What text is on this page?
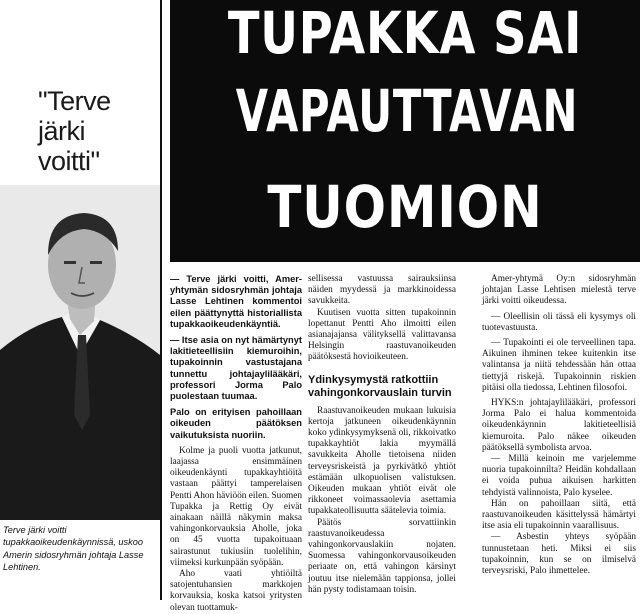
"Terve
järki
voitti"
Terve järki voitti tupakkaoikeudenkäynnissä, uskoo Amerin sidosryhmän johtaja Lasse Lehtinen.
TUPAKKA SAI
VAPAUTTAVAN
TUOMION

— Terve järki voitti, Amer-yhtymän sidosryhmän johtaja Lasse Lehtinen kommentoi eilen päättynyttä historiallista tupakkaoikeudenkäyntiä.

— Itse asia on nyt hämärtynyt lakitieteellisiin kiemuroihin, tupakoinnin vastustajana tunnettu johtajaylilääkäri, professori Jorma Palo puolestaan tuumaa.

Palo on erityisen pahoillaan oikeuden päätöksen vaikutuksista nuoriin.

Kolme ja puoli vuotta jatkunut, laajassa ensimmäinen oikeudenkäynti tupakkayhtiöitä vastaan päättyi tamperelaisen Pentti Ahon häviöön eilen. Suomen Tupakka ja Rettig Oy eivät ainakaan näillä näkymin maksa vahingonkorvauksia Aholle, joka on 45 vuotta tupakoituaan sairastunut tukiusiin tuolelihin, viimeksi kurkunpään syöpään.

Aho vaati yhtiöiltä satojentuhansien markkojen korvauksia, koska katsoi yritysten olevan tuottamuk-

sellisessa vastuussa sairauksiinsa näiden myydessä ja markkinoidessa savukkeita.

Kuutisen vuotta sitten tupakoinnin lopettanut Pentti Aho ilmoitti eilen asianajajansa välityksellä valittavansa Helsingin raastuvanoikeuden päätöksestä hovioikeuteen.

Ydinkysymystä ratkottiin vahingonkorvauslain turvin

Raastuvanoikeuden mukaan lukuisia kertoja jatkuneen oikeudenkäynnin koko ydinkysymyksenä oli, rikkoivatko tupakkayhtiöt lakia myymällä savukkeita Aholle tietoisena niiden terveysriskeistä ja pyrkivätkö yhtiöt estämään ulkopuolisen valistuksen. Oikeuden mukaan yhtiöt eivät ole rikkoneet voimassaolevia asettamia tupakkateollisuutta säätelevia toimia.

Päätös sorvattiinkin raastuvanoikeudessa vahingonkorvauslakiin nojaten. Suomessa vahingonkorvausoikeuden periaate on, että vahingon kärsinyt joutuu itse nielemään tappionsa, jollei hän pysty todistamaan toisin.

Amer-yhtymä Oy:n sidosryhmän johtajan Lasse Lehtisen mielestä terve järki voitti oikeudessa.

— Oleellisin oli tässä eli kysymys oli tuotevastuusta.

— Tupakointi ei ole terveellinen tapa. Aikuinen ihminen tekee kuitenkin itse valintansa ja niitä tehdessään hän ottaa tiettyjä riskejä. Tupakoinnin riskien pitäisi olla tiedossa, Lehtinen filosofoi.

HYKS:n johtajaylilääkäri, professori Jorma Palo ei halua kommentoida oikeudenkäynnin lakitieteellisiä kiemuroita. Palo näkee oikeuden päätöksellä symbolista arvoa.

— Millä keinoin me varjelemme nuoria tupakoinnilta? Heidän kohdallaan ei voida puhua aikuisen harkitten tehdyistä valinnoista, Palo kyselee.

Hän on pahoillaan siitä, että raastuvanoikeuden käsittelyssä hämärtyi itse asia eli tupakoinnin vaarallisuus.

— Asbestin yhteys syöpään tunnustetaan heti. Miksi ei siis tupakoinnin, kun se on ilmiselvä terveysriski, Palo ihmettelee.
